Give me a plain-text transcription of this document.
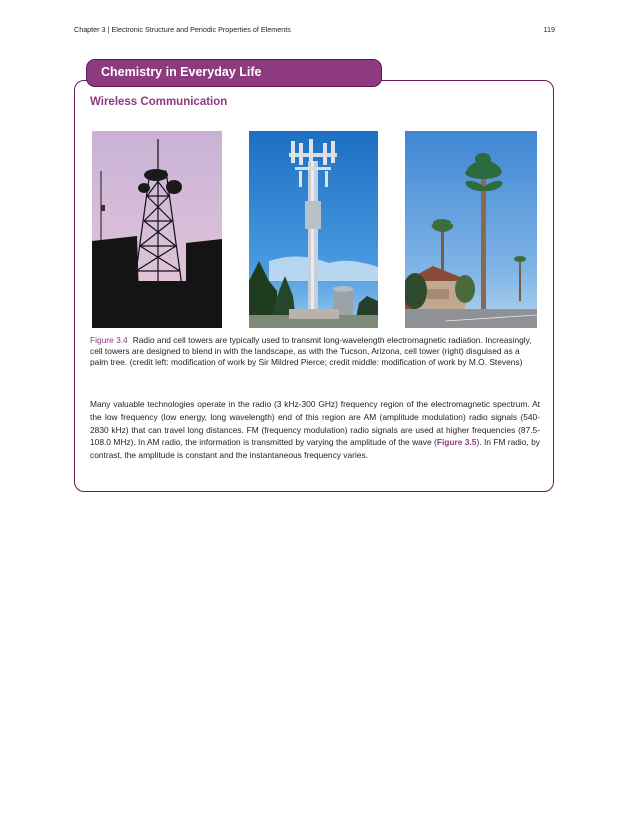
Chapter 3 | Electronic Structure and Periodic Properties of Elements	119
Chemistry in Everyday Life
Wireless Communication
Figure 3.4 Radio and cell towers are typically used to transmit long-wavelength electromagnetic radiation. Increasingly, cell towers are designed to blend in with the landscape, as with the Tucson, Arizona, cell tower (right) disguised as a palm tree. (credit left: modification of work by Sir Mildred Pierce; credit middle: modification of work by M.O. Stevens)
Many valuable technologies operate in the radio (3 kHz-300 GHz) frequency region of the electromagnetic spectrum. At the low frequency (low energy, long wavelength) end of this region are AM (amplitude modulation) radio signals (540-2830 kHz) that can travel long distances. FM (frequency modulation) radio signals are used at higher frequencies (87.5-108.0 MHz). In AM radio, the information is transmitted by varying the amplitude of the wave (Figure 3.5). In FM radio, by contrast, the amplitude is constant and the instantaneous frequency varies.
